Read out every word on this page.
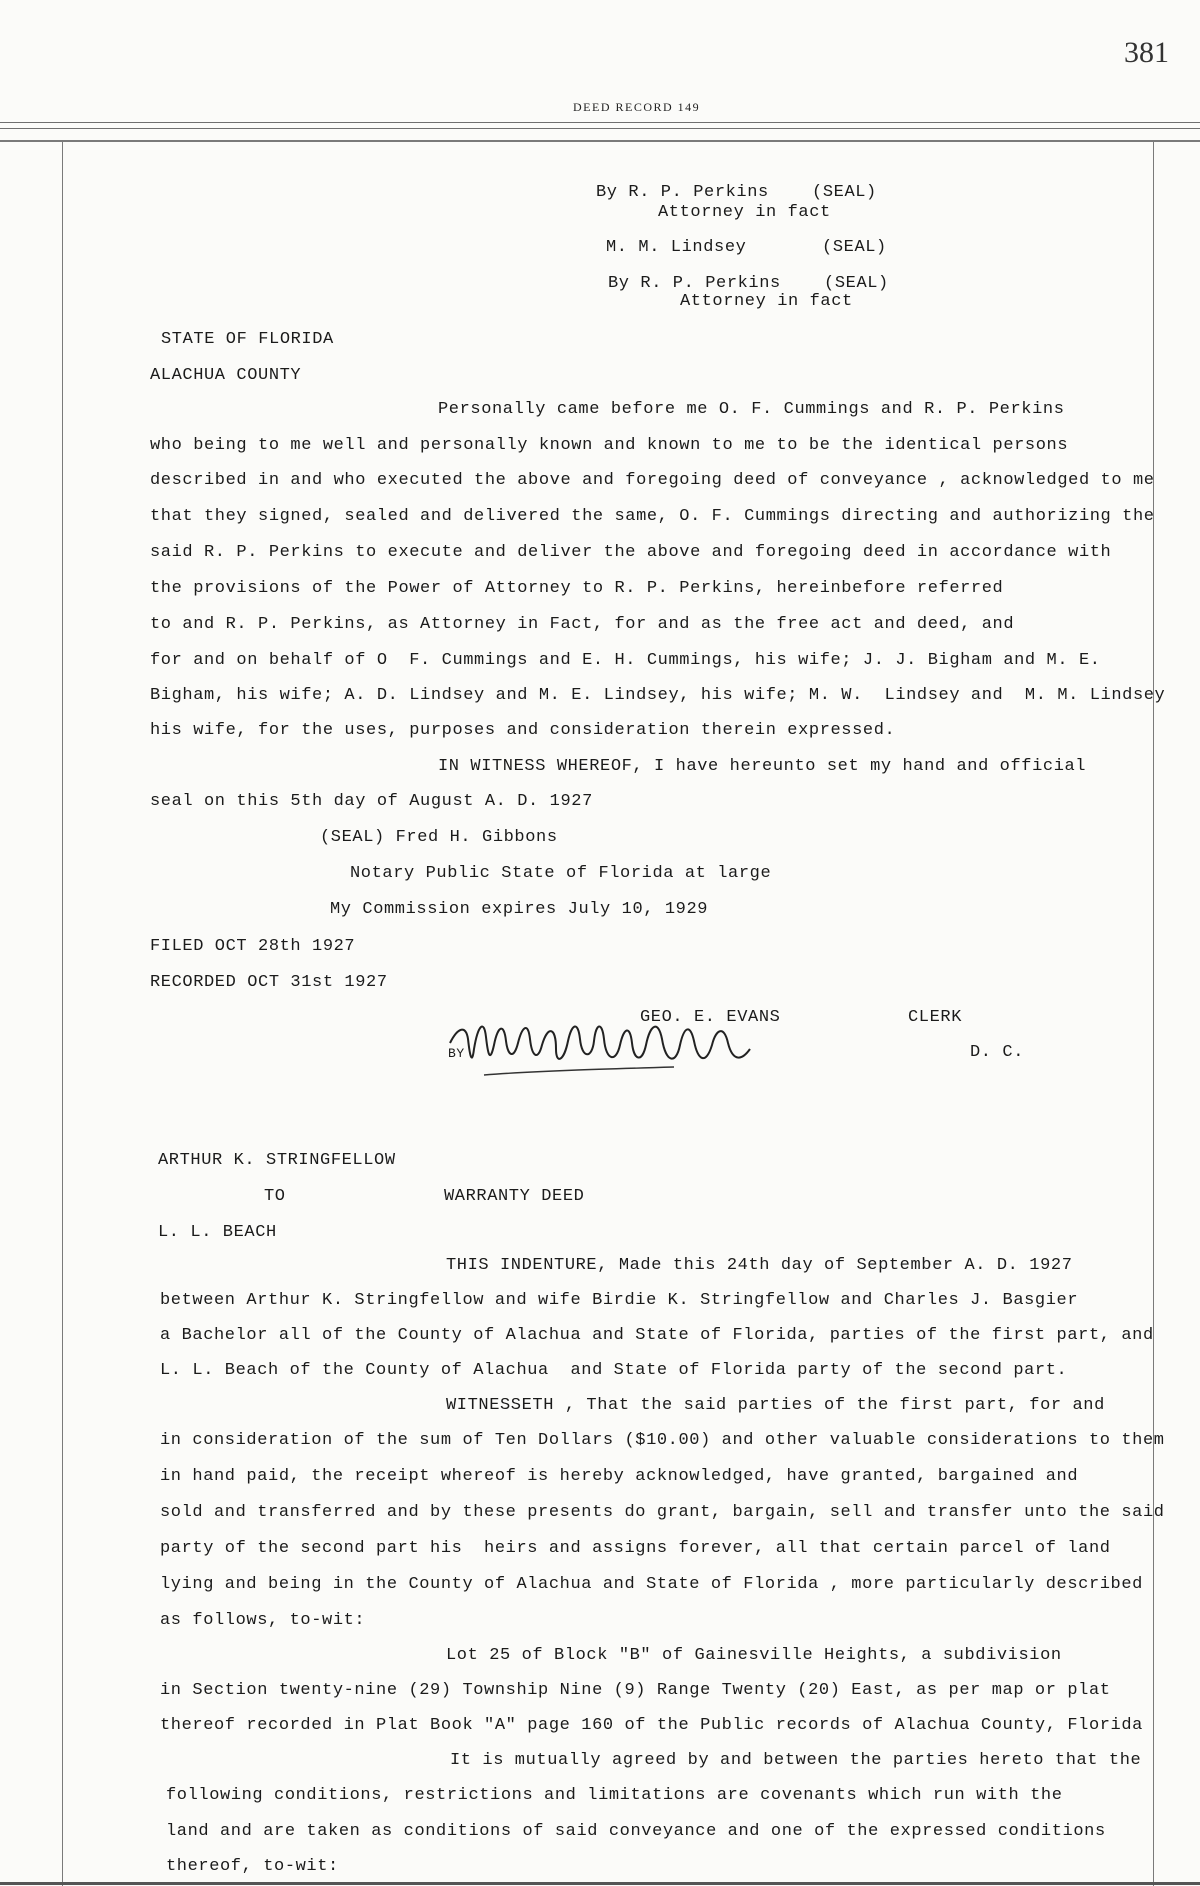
381
DEED RECORD 149
By R. P. Perkins    (SEAL)
Attorney in fact
M. M. Lindsey       (SEAL)
By R. P. Perkins    (SEAL)
Attorney in fact
STATE OF FLORIDA
ALACHUA COUNTY
Personally came before me O. F. Cummings and R. P. Perkins
who being to me well and personally known and known to me to be the identical persons
described in and who executed the above and foregoing deed of conveyance , acknowledged to me
that they signed, sealed and delivered the same, O. F. Cummings directing and authorizing the
said R. P. Perkins to execute and deliver the above and foregoing deed in accordance with
the provisions of the Power of Attorney to R. P. Perkins, hereinbefore referred
to and R. P. Perkins, as Attorney in Fact, for and as the free act and deed, and
for and on behalf of O  F. Cummings and E. H. Cummings, his wife; J. J. Bigham and M. E.
Bigham, his wife; A. D. Lindsey and M. E. Lindsey, his wife; M. W.  Lindsey and  M. M. Lindsey
his wife, for the uses, purposes and consideration therein expressed.
IN WITNESS WHEREOF, I have hereunto set my hand and official
seal on this 5th day of August A. D. 1927
(SEAL) Fred H. Gibbons
Notary Public State of Florida at large
My Commission expires July 10, 1929
FILED OCT 28th 1927
RECORDED OCT 31st 1927
GEO. E. EVANS	CLERK
BY	D. C.
ARTHUR K. STRINGFELLOW
TO	WARRANTY DEED
L. L. BEACH
THIS INDENTURE, Made this 24th day of September A. D. 1927
between Arthur K. Stringfellow and wife Birdie K. Stringfellow and Charles J. Basgier
a Bachelor all of the County of Alachua and State of Florida, parties of the first part, and
L. L. Beach of the County of Alachua  and State of Florida party of the second part.
WITNESSETH , That the said parties of the first part, for and
in consideration of the sum of Ten Dollars ($10.00) and other valuable considerations to them
in hand paid, the receipt whereof is hereby acknowledged, have granted, bargained and
sold and transferred and by these presents do grant, bargain, sell and transfer unto the said
party of the second part his  heirs and assigns forever, all that certain parcel of land
lying and being in the County of Alachua and State of Florida , more particularly described
as follows, to-wit:
Lot 25 of Block "B" of Gainesville Heights, a subdivision
in Section twenty-nine (29) Township Nine (9) Range Twenty (20) East, as per map or plat
thereof recorded in Plat Book "A" page 160 of the Public records of Alachua County, Florida
It is mutually agreed by and between the parties hereto that the
following conditions, restrictions and limitations are covenants which run with the
land and are taken as conditions of said conveyance and one of the expressed conditions
thereof, to-wit:
